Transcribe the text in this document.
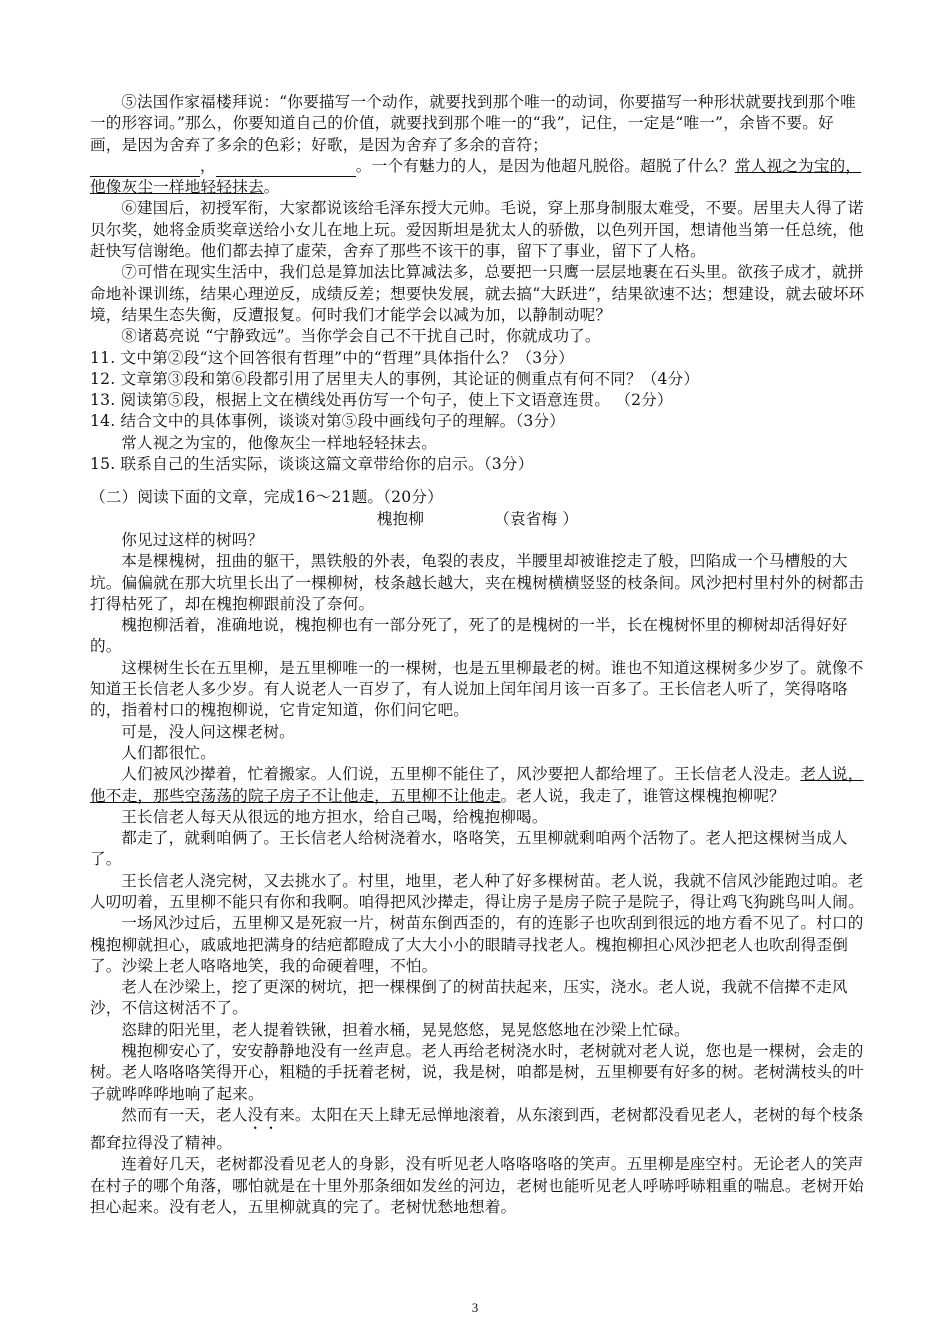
⑤法国作家福楼拜说：“你要描写一个动作，就要找到那个唯一的动词，你要描写一种形状就要找到那个唯一的形容词。”那么，你要知道自己的价值，就要找到那个唯一的“我”，记住，一定是“唯一”，余皆不要。好画，是因为舍弃了多余的色彩；好歌，是因为舍弃了多余的音符；
，	。一个有魅力的人，是因为他超凡脱俗。超脱了什么？常人视之为宝的，他像灰尘一样地轻轻抹去。

⑥建国后，初授军衔，大家都说该给毛泽东授大元帅。毛说，穿上那身制服太难受，不要。居里夫人得了诺贝尔奖，她将金质奖章送给小女儿在地上玩。爱因斯坦是犹太人的骄傲，以色列开国，想请他当第一任总统，他赶快写信谢绝。他们都去掉了虚荣，舍弃了那些不该干的事，留下了事业，留下了人格。

⑦可惜在现实生活中，我们总是算加法比算减法多，总要把一只鹰一层层地裹在石头里。欲孩子成才，就拼命地补课训练，结果心理逆反，成绩反差；想要快发展，就去搞“大跃进”，结果欲速不达；想建设，就去破坏环境，结果生态失衡，反遭报复。何时我们才能学会以减为加，以静制动呢？

⑧诸葛亮说 “宁静致远”。当你学会自己不干扰自己时，你就成功了。

11. 文中第②段“这个回答很有哲理”中的“哲理”具体指什么？（3分）

12. 文章第③段和第⑥段都引用了居里夫人的事例，其论证的侧重点有何不同？（4分）

13. 阅读第⑤段，根据上文在横线处再仿写一个句子，使上下文语意连贯。 （2分）

14. 结合文中的具体事例，谈谈对第⑤段中画线句子的理解。（3分）

常人视之为宝的，他像灰尘一样地轻轻抹去。

15. 联系自己的生活实际，谈谈这篇文章带给你的启示。（3分）

（二）阅读下面的文章，完成16～21题。（20分）

槐抱柳	（袁省梅 ）

你见过这样的树吗？

本是棵槐树，扭曲的躯干，黑铁般的外表，龟裂的表皮，半腰里却被谁挖走了般，凹陷成一个马槽般的大坑。偏偏就在那大坑里长出了一棵柳树，枝条越长越大，夹在槐树横横竖竖的枝条间。风沙把村里村外的树都击打得枯死了，却在槐抱柳跟前没了奈何。

槐抱柳活着，准确地说，槐抱柳也有一部分死了，死了的是槐树的一半，长在槐树怀里的柳树却活得好好的。

这棵树生长在五里柳，是五里柳唯一的一棵树，也是五里柳最老的树。谁也不知道这棵树多少岁了。就像不知道王长信老人多少岁。有人说老人一百岁了，有人说加上闰年闰月该一百多了。王长信老人听了，笑得咯咯的，指着村口的槐抱柳说，它肯定知道，你们问它吧。

可是，没人问这棵老树。

人们都很忙。

人们被风沙撵着，忙着搬家。人们说，五里柳不能住了，风沙要把人都给埋了。王长信老人没走。老人说，他不走，那些空荡荡的院子房子不让他走，五里柳不让他走。老人说，我走了，谁管这棵槐抱柳呢？

王长信老人每天从很远的地方担水，给自己喝，给槐抱柳喝。

都走了，就剩咱俩了。王长信老人给树浇着水，咯咯笑，五里柳就剩咱两个活物了。老人把这棵树当成人了。

王长信老人浇完树，又去挑水了。村里，地里，老人种了好多棵树苗。老人说，我就不信风沙能跑过咱。老人叨叨着，五里柳不能只有你和我啊。咱得把风沙撵走，得让房子是房子院子是院子，得让鸡飞狗跳鸟叫人闹。

一场风沙过后，五里柳又是死寂一片，树苗东倒西歪的，有的连影子也吹刮到很远的地方看不见了。村口的槐抱柳就担心，戚戚地把满身的结疤都瞪成了大大小小的眼睛寻找老人。槐抱柳担心风沙把老人也吹刮得歪倒了。沙梁上老人咯咯地笑，我的命硬着哩，不怕。

老人在沙梁上，挖了更深的树坑，把一棵棵倒了的树苗扶起来，压实，浇水。老人说，我就不信撵不走风沙，不信这树活不了。

恣肆的阳光里，老人提着铁锹，担着水桶，晃晃悠悠，晃晃悠悠地在沙梁上忙碌。

槐抱柳安心了，安安静静地没有一丝声息。老人再给老树浇水时，老树就对老人说，您也是一棵树，会走的树。老人咯咯咯笑得开心，粗糙的手抚着老树，说，我是树，咱都是树，五里柳要有好多的树。老树满枝头的叶子就哗哗哗地响了起来。

然而有一天，老人没有来。太阳在天上肆无忌惮地滚着，从东滚到西，老树都没看见老人，老树的每个枝条都耷拉得没了精神。

连着好几天，老树都没看见老人的身影，没有听见老人咯咯咯咯的笑声。五里柳是座空村。无论老人的笑声在村子的哪个角落，哪怕就是在十里外那条细如发丝的河边，老树也能听见老人呼哧呼哧粗重的喘息。老树开始担心起来。没有老人，五里柳就真的完了。老树忧愁地想着。

3
